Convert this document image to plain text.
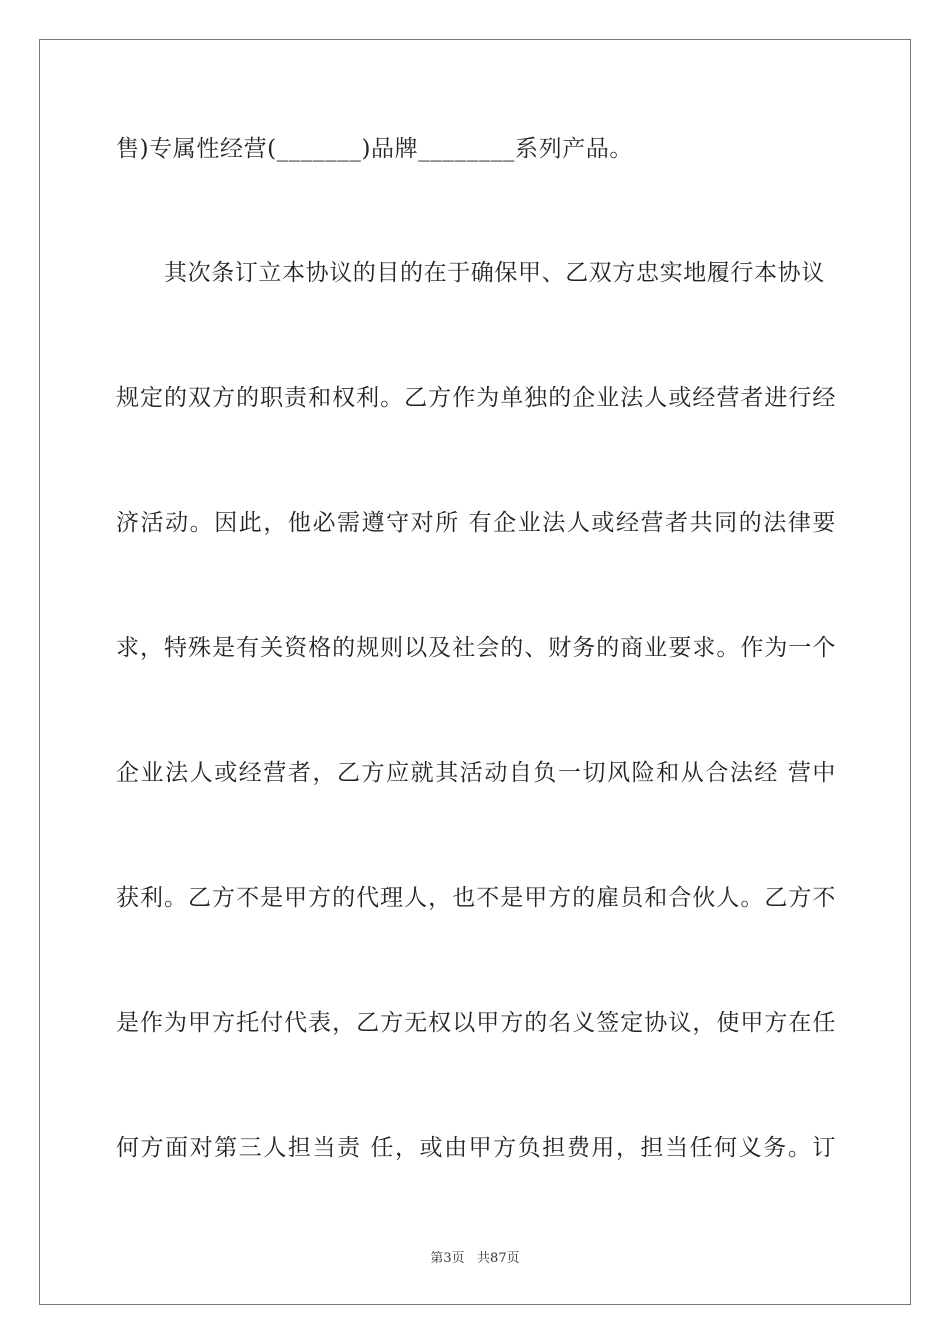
售)专属性经营(_______)品牌________系列产品。
其次条订立本协议的目的在于确保甲、乙双方忠实地履行本协议
规定的双方的职责和权利。乙方作为单独的企业法人或经营者进行经
济活动。因此，他必需遵守对所 有企业法人或经营者共同的法律要
求，特殊是有关资格的规则以及社会的、财务的商业要求。作为一个
企业法人或经营者，乙方应就其活动自负一切风险和从合法经 营中
获利。乙方不是甲方的代理人，也不是甲方的雇员和合伙人。乙方不
是作为甲方托付代表，乙方无权以甲方的名义签定协议，使甲方在任
何方面对第三人担当责 任，或由甲方负担费用，担当任何义务。订
第3页   共87页
